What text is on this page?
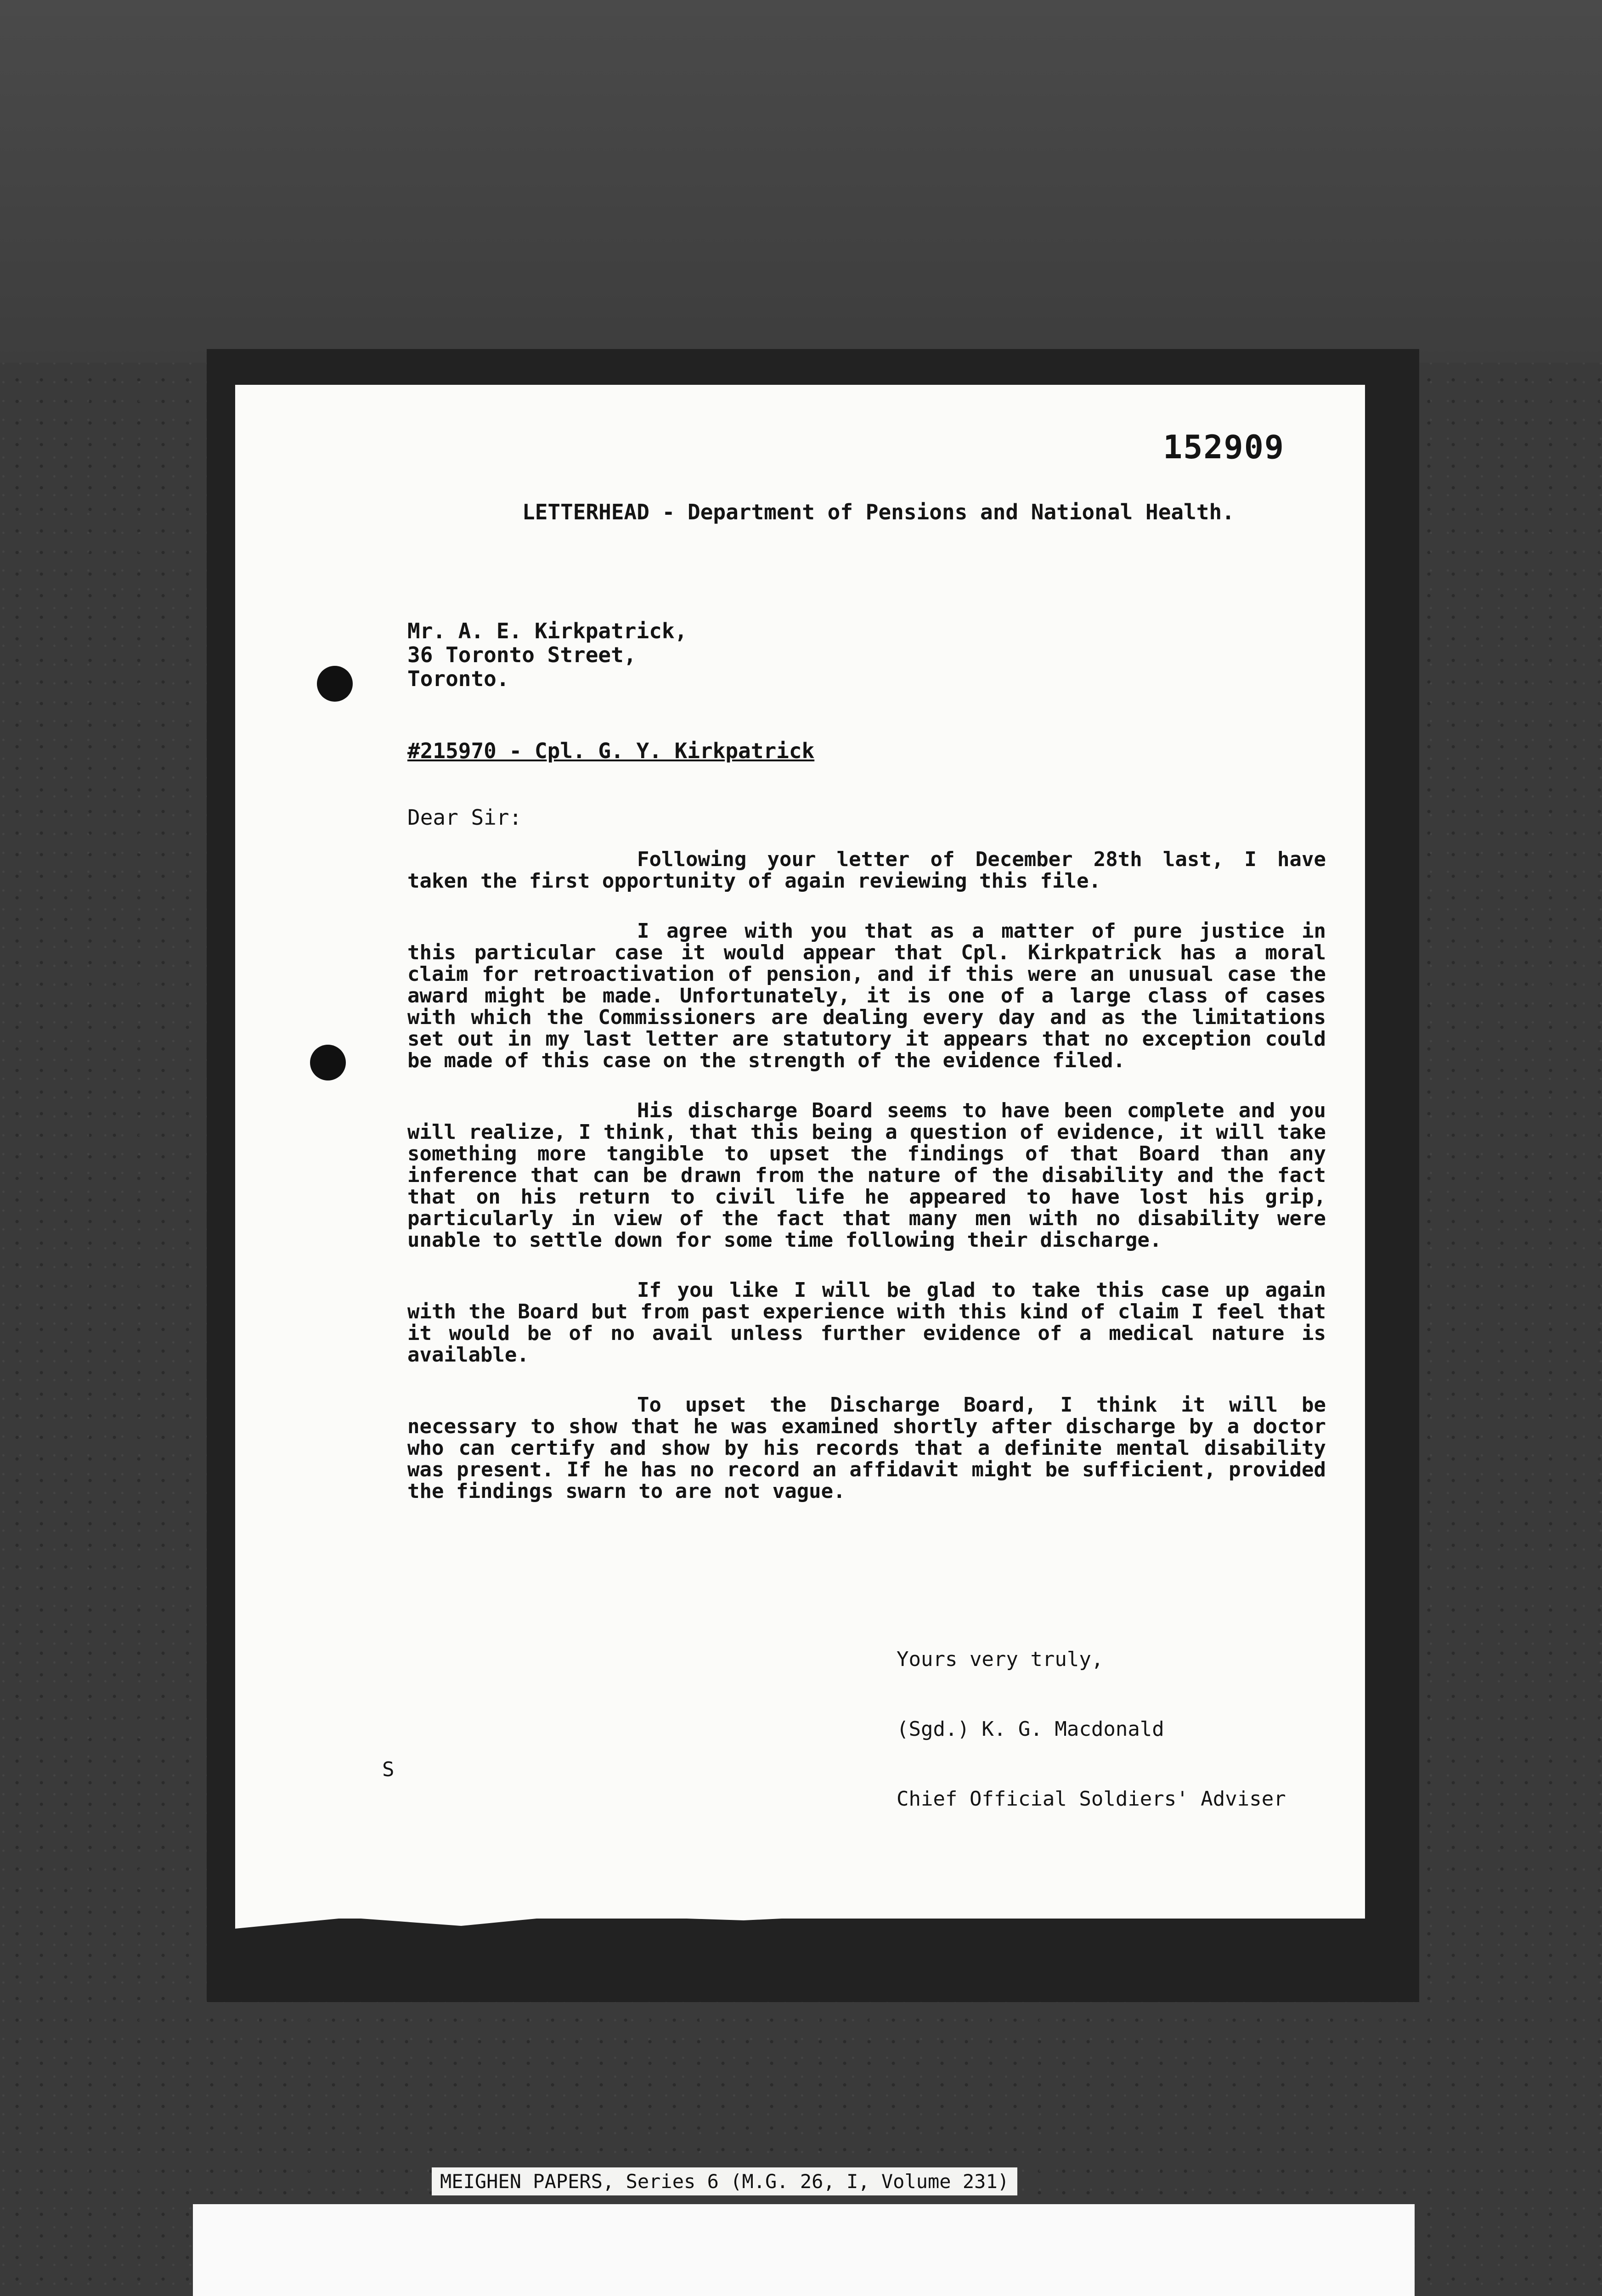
152909
LETTERHEAD - Department of Pensions and National Health.
Mr. A. E. Kirkpatrick,
36 Toronto Street,
Toronto.
#215970 - Cpl. G. Y. Kirkpatrick
Dear Sir:

Following your letter of December 28th last, I have taken the first opportunity of again reviewing this file.

I agree with you that as a matter of pure justice in this particular case it would appear that Cpl. Kirkpatrick has a moral claim for retroactivation of pension, and if this were an unusual case the award might be made. Unfortunately, it is one of a large class of cases with which the Commissioners are dealing every day and as the limitations set out in my last letter are statutory it appears that no exception could be made of this case on the strength of the evidence filed.

His discharge Board seems to have been complete and you will realize, I think, that this being a question of evidence, it will take something more tangible to upset the findings of that Board than any inference that can be drawn from the nature of the disability and the fact that on his return to civil life he appeared to have lost his grip, particularly in view of the fact that many men with no disability were unable to settle down for some time following their discharge.

If you like I will be glad to take this case up again with the Board but from past experience with this kind of claim I feel that it would be of no avail unless further evidence of a medical nature is available.

To upset the Discharge Board, I think it will be necessary to show that he was examined shortly after discharge by a doctor who can certify and show by his records that a definite mental disability was present. If he has no record an affidavit might be sufficient, provided the findings swarn to are not vague.

Yours very truly,
(Sgd.) K. G. Macdonald
Chief Official Soldiers' Adviser
S
MEIGHEN PAPERS, Series 6 (M.G. 26, I, Volume 231)
